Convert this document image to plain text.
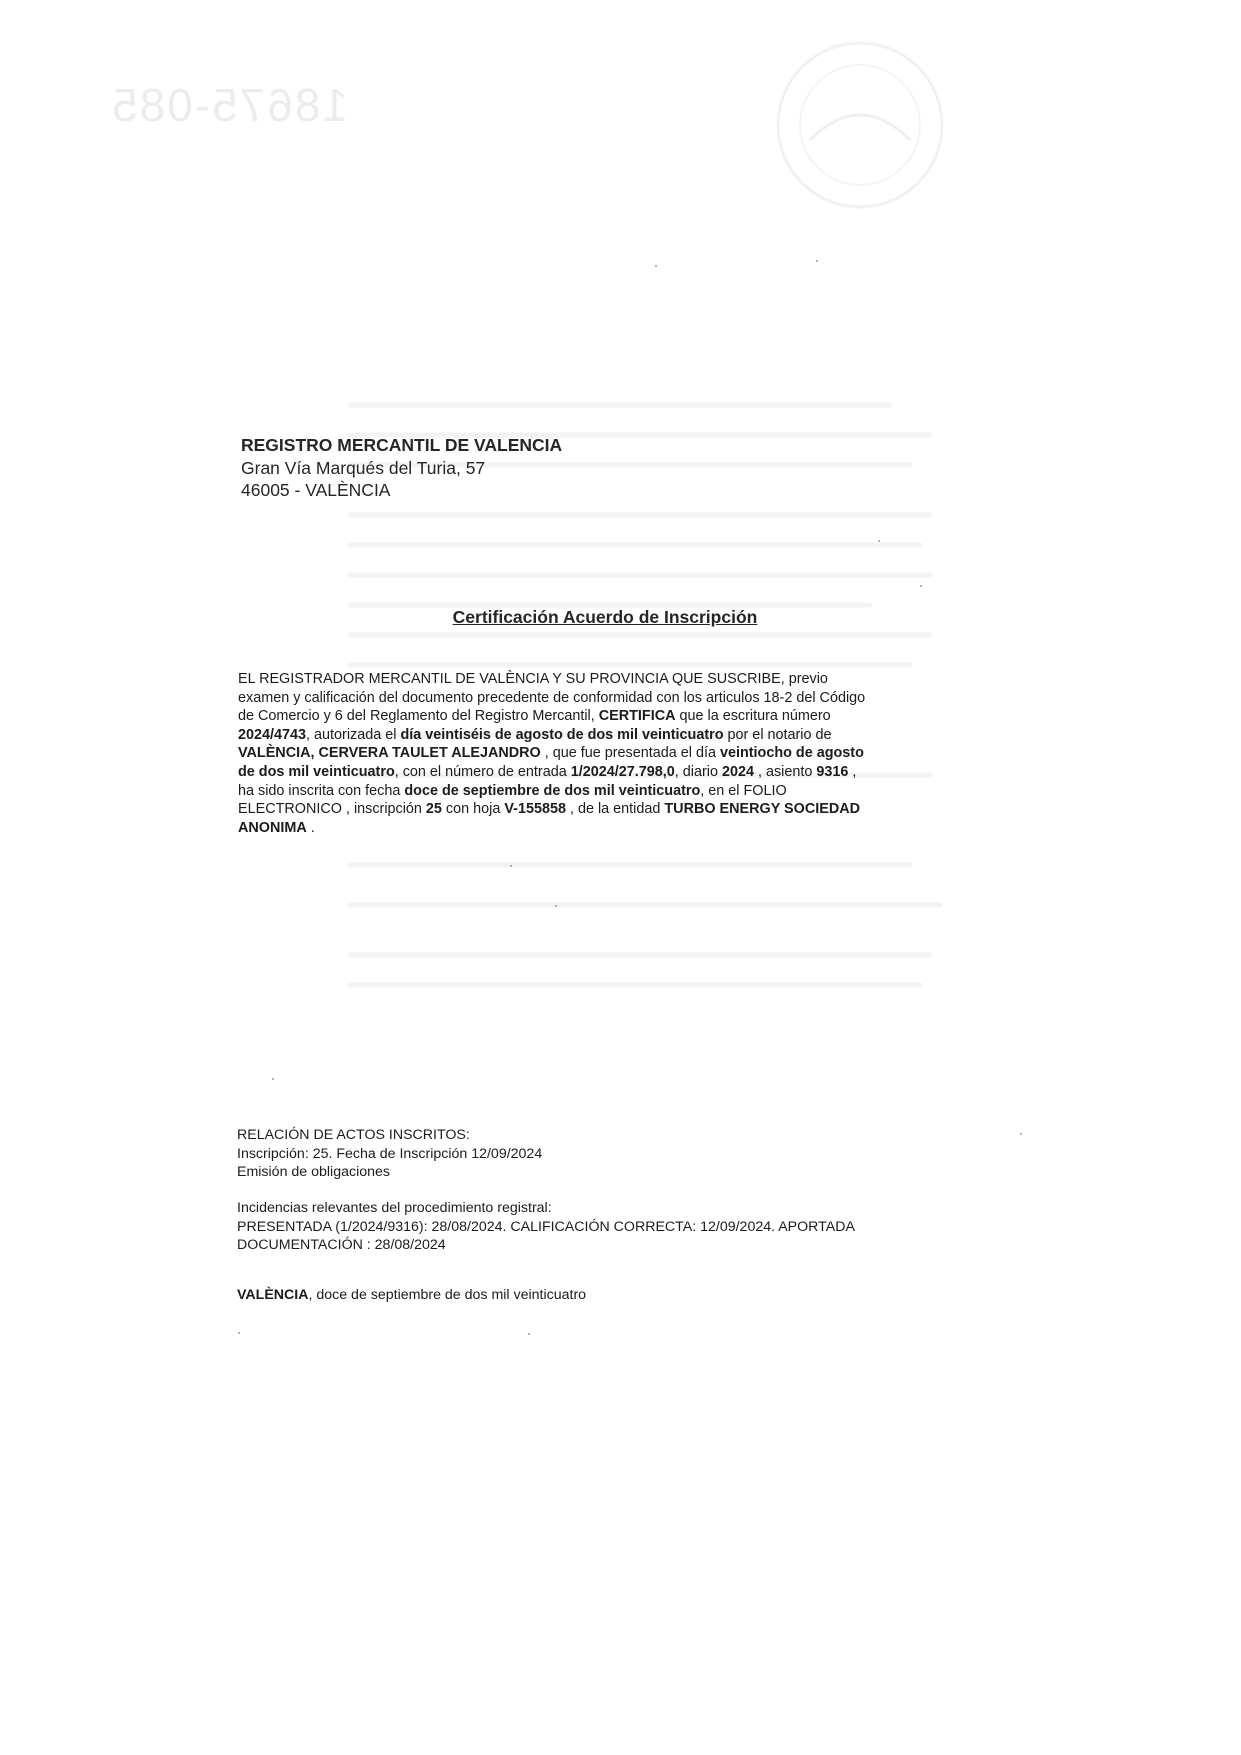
18675-085
REGISTRO MERCANTIL DE VALENCIA
Gran Vía Marqués del Turia, 57
46005 - VALÈNCIA
Certificación Acuerdo de Inscripción
EL REGISTRADOR MERCANTIL DE VALÈNCIA Y SU PROVINCIA QUE SUSCRIBE, previo
examen y calificación del documento precedente de conformidad con los articulos 18-2 del Código
de Comercio y 6 del Reglamento del Registro Mercantil, CERTIFICA que la escritura número
2024/4743, autorizada el día veintiséis de agosto de dos mil veinticuatro por el notario de
VALÈNCIA, CERVERA TAULET ALEJANDRO , que fue presentada el día veintiocho de agosto
de dos mil veinticuatro, con el número de entrada 1/2024/27.798,0, diario 2024 , asiento 9316 ,
ha sido inscrita con fecha doce de septiembre de dos mil veinticuatro, en el FOLIO
ELECTRONICO , inscripción 25 con hoja V-155858 , de la entidad TURBO ENERGY SOCIEDAD
ANONIMA .
RELACIÓN DE ACTOS INSCRITOS:
Inscripción: 25. Fecha de Inscripción 12/09/2024
Emisión de obligaciones
Incidencias relevantes del procedimiento registral:
PRESENTADA (1/2024/9316): 28/08/2024. CALIFICACIÓN CORRECTA: 12/09/2024. APORTADA
DOCUMENTACIÓN : 28/08/2024
VALÈNCIA, doce de septiembre de dos mil veinticuatro
